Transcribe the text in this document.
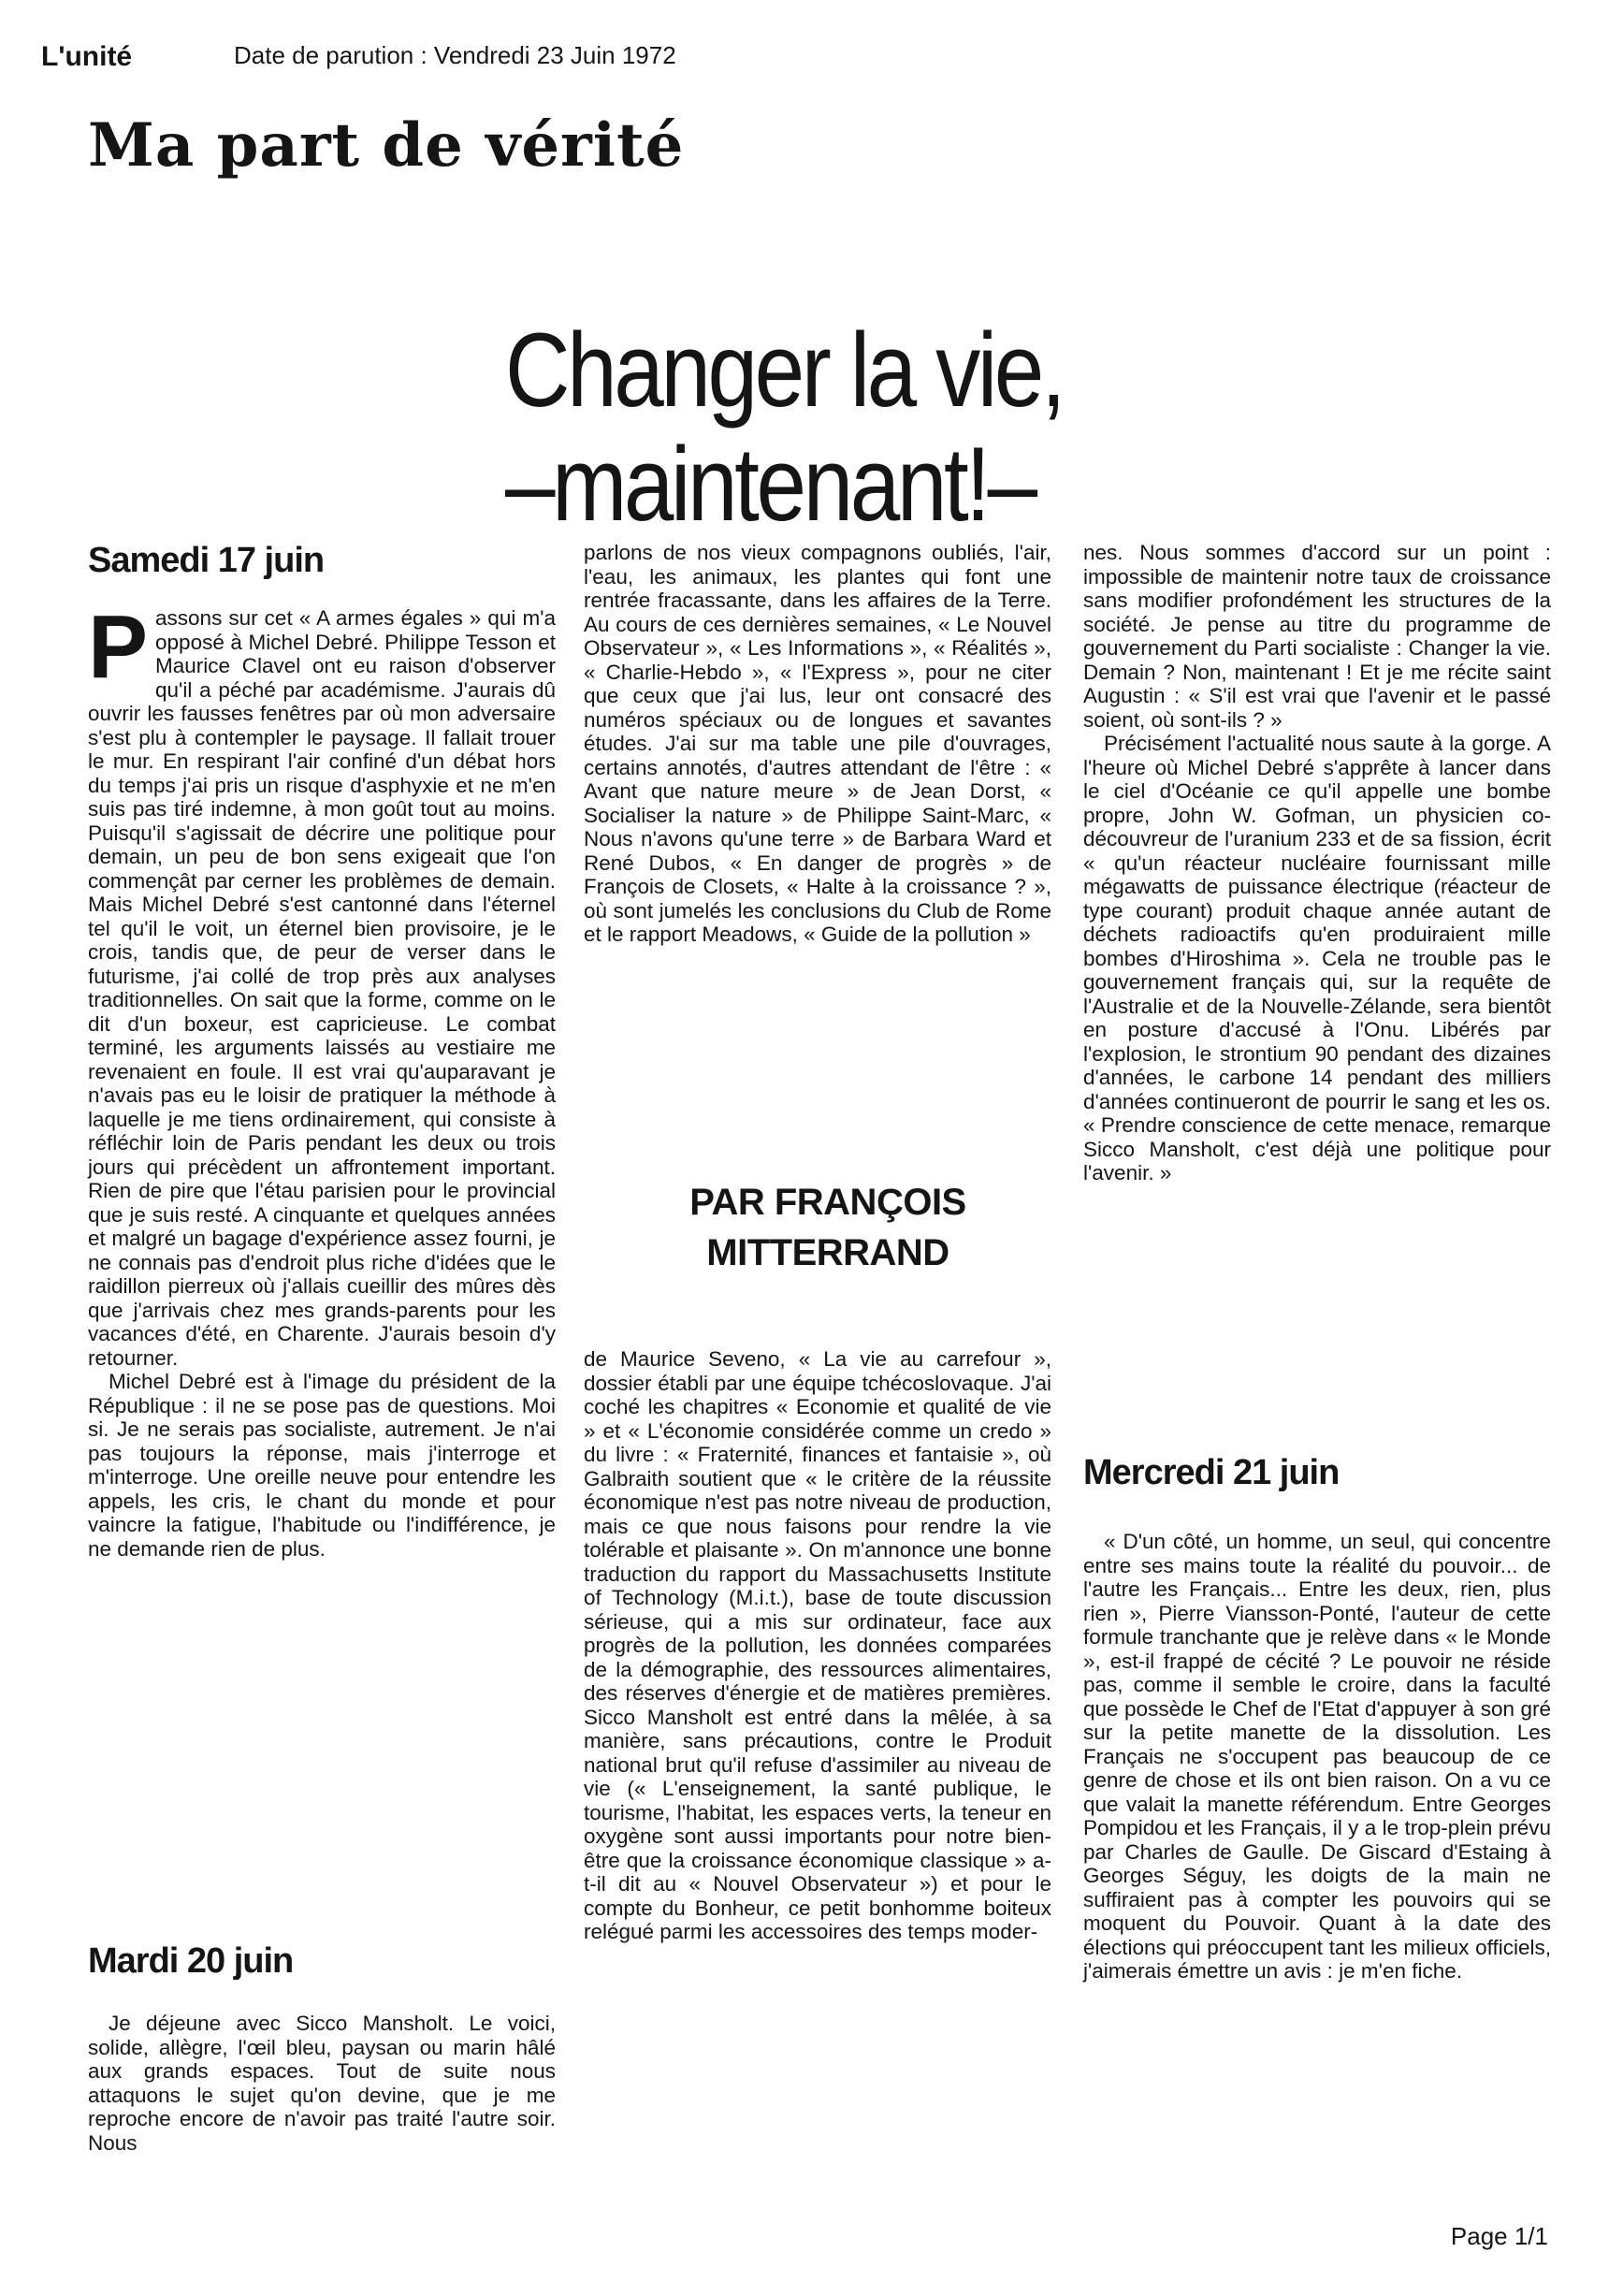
L'unité	Date de parution : Vendredi 23 Juin 1972
Ma part de vérité
Changer la vie,
–maintenant!–
Samedi 17 juin
P assons sur cet « A armes égales » qui m'a opposé à Michel Debré. Philippe Tesson et Maurice Clavel ont eu raison d'observer qu'il a péché par académisme. J'aurais dû ouvrir les fausses fenêtres par où mon adversaire s'est plu à contempler le paysage. Il fallait trouer le mur. En respirant l'air confiné d'un débat hors du temps j'ai pris un risque d'asphyxie et ne m'en suis pas tiré indemne, à mon goût tout au moins. Puisqu'il s'agissait de décrire une politique pour demain, un peu de bon sens exigeait que l'on commençât par cerner les problèmes de demain. Mais Michel Debré s'est cantonné dans l'éternel tel qu'il le voit, un éternel bien provisoire, je le crois, tandis que, de peur de verser dans le futurisme, j'ai collé de trop près aux analyses traditionnelles. On sait que la forme, comme on le dit d'un boxeur, est capricieuse. Le combat terminé, les arguments laissés au vestiaire me revenaient en foule. Il est vrai qu'auparavant je n'avais pas eu le loisir de pratiquer la méthode à laquelle je me tiens ordinairement, qui consiste à réfléchir loin de Paris pendant les deux ou trois jours qui précèdent un affrontement important. Rien de pire que l'étau parisien pour le provincial que je suis resté. A cinquante et quelques années et malgré un bagage d'expérience assez fourni, je ne connais pas d'endroit plus riche d'idées que le raidillon pierreux où j'allais cueillir des mûres dès que j'arrivais chez mes grands-parents pour les vacances d'été, en Charente. J'aurais besoin d'y retourner.

Michel Debré est à l'image du président de la République : il ne se pose pas de questions. Moi si. Je ne serais pas socialiste, autrement. Je n'ai pas toujours la réponse, mais j'interroge et m'interroge. Une oreille neuve pour entendre les appels, les cris, le chant du monde et pour vaincre la fatigue, l'habitude ou l'indifférence, je ne demande rien de plus.

Mardi 20 juin

Je déjeune avec Sicco Mansholt. Le voici, solide, allègre, l'œil bleu, paysan ou marin hâlé aux grands espaces. Tout de suite nous attaquons le sujet qu'on devine, que je me reproche encore de n'avoir pas traité l'autre soir. Nous

parlons de nos vieux compagnons oubliés, l'air, l'eau, les animaux, les plantes qui font une rentrée fracassante, dans les affaires de la Terre. Au cours de ces dernières semaines, « Le Nouvel Observateur », « Les Informations », « Réalités », « Charlie-Hebdo », « l'Express », pour ne citer que ceux que j'ai lus, leur ont consacré des numéros spéciaux ou de longues et savantes études. J'ai sur ma table une pile d'ouvrages, certains annotés, d'autres attendant de l'être : « Avant que nature meure » de Jean Dorst, « Socialiser la nature » de Philippe Saint-Marc, « Nous n'avons qu'une terre » de Barbara Ward et René Dubos, « En danger de progrès » de François de Closets, « Halte à la croissance ? », où sont jumelés les conclusions du Club de Rome et le rapport Meadows, « Guide de la pollution »

PAR FRANÇOIS
MITTERRAND

de Maurice Seveno, « La vie au carrefour », dossier établi par une équipe tchécoslovaque. J'ai coché les chapitres « Economie et qualité de vie » et « L'économie considérée comme un credo » du livre : « Fraternité, finances et fantaisie », où Galbraith soutient que « le critère de la réussite économique n'est pas notre niveau de production, mais ce que nous faisons pour rendre la vie tolérable et plaisante ». On m'annonce une bonne traduction du rapport du Massachusetts Institute of Technology (M.i.t.), base de toute discussion sérieuse, qui a mis sur ordinateur, face aux progrès de la pollution, les données comparées de la démographie, des ressources alimentaires, des réserves d'énergie et de matières premières. Sicco Mansholt est entré dans la mêlée, à sa manière, sans précautions, contre le Produit national brut qu'il refuse d'assimiler au niveau de vie (« L'enseignement, la santé publique, le tourisme, l'habitat, les espaces verts, la teneur en oxygène sont aussi importants pour notre bien-être que la croissance économique classique » a-t-il dit au « Nouvel Observateur ») et pour le compte du Bonheur, ce petit bonhomme boiteux relégué parmi les accessoires des temps moder-

nes. Nous sommes d'accord sur un point : impossible de maintenir notre taux de croissance sans modifier profondément les structures de la société. Je pense au titre du programme de gouvernement du Parti socialiste : Changer la vie. Demain ? Non, maintenant ! Et je me récite saint Augustin : « S'il est vrai que l'avenir et le passé soient, où sont-ils ? »

Précisément l'actualité nous saute à la gorge. A l'heure où Michel Debré s'apprête à lancer dans le ciel d'Océanie ce qu'il appelle une bombe propre, John W. Gofman, un physicien co-découvreur de l'uranium 233 et de sa fission, écrit « qu'un réacteur nucléaire fournissant mille mégawatts de puissance électrique (réacteur de type courant) produit chaque année autant de déchets radioactifs qu'en produiraient mille bombes d'Hiroshima ». Cela ne trouble pas le gouvernement français qui, sur la requête de l'Australie et de la Nouvelle-Zélande, sera bientôt en posture d'accusé à l'Onu. Libérés par l'explosion, le strontium 90 pendant des dizaines d'années, le carbone 14 pendant des milliers d'années continueront de pourrir le sang et les os. « Prendre conscience de cette menace, remarque Sicco Mansholt, c'est déjà une politique pour l'avenir. »

Mercredi 21 juin

« D'un côté, un homme, un seul, qui concentre entre ses mains toute la réalité du pouvoir... de l'autre les Français... Entre les deux, rien, plus rien », Pierre Viansson-Ponté, l'auteur de cette formule tranchante que je relève dans « le Monde », est-il frappé de cécité ? Le pouvoir ne réside pas, comme il semble le croire, dans la faculté que possède le Chef de l'Etat d'appuyer à son gré sur la petite manette de la dissolution. Les Français ne s'occupent pas beaucoup de ce genre de chose et ils ont bien raison. On a vu ce que valait la manette référendum. Entre Georges Pompidou et les Français, il y a le trop-plein prévu par Charles de Gaulle. De Giscard d'Estaing à Georges Séguy, les doigts de la main ne suffiraient pas à compter les pouvoirs qui se moquent du Pouvoir. Quant à la date des élections qui préoccupent tant les milieux officiels, j'aimerais émettre un avis : je m'en fiche.

Page 1/1
